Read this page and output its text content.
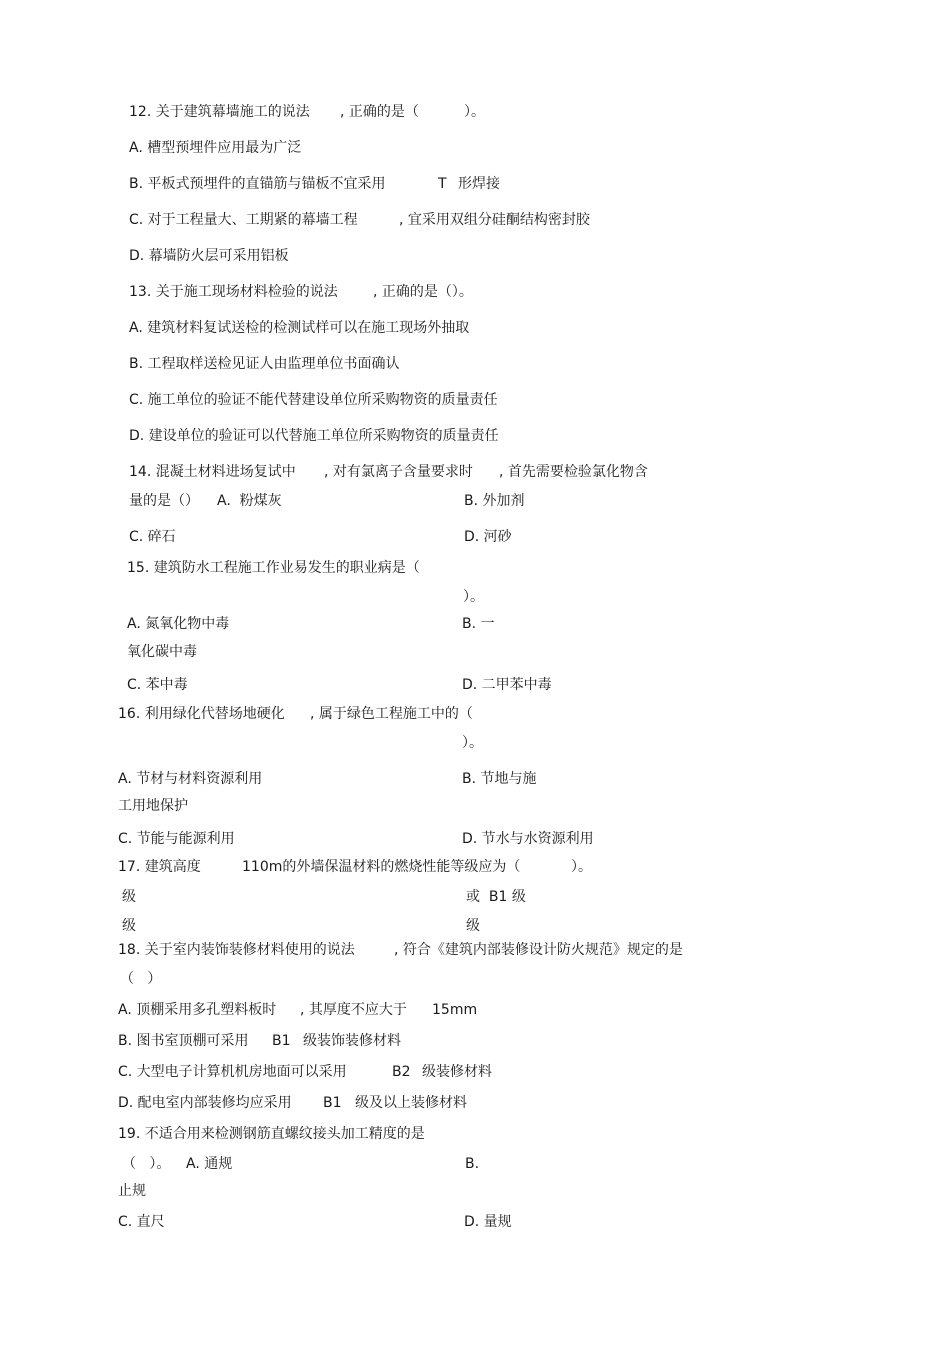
12. 关于建筑幕墙施工的说法 , 正确的是（	）。
A. 槽型预埋件应用最为广泛
B. 平板式预埋件的直锚筋与锚板不宜采用	T 形焊接
C. 对于工程量大、工期紧的幕墙工程	, 宜采用双组分硅酮结构密封胶
D. 幕墙防火层可采用铝板
13. 关于施工现场材料检验的说法	, 正确的是（）。
A. 建筑材料复试送检的检测试样可以在施工现场外抽取
B. 工程取样送检见证人由监理单位书面确认
C. 施工单位的验证不能代替建设单位所采购物资的质量责任
D. 建设单位的验证可以代替施工单位所采购物资的质量责任
14. 混凝土材料进场复试中 , 对有氯离子含量要求时 , 首先需要检验氯化物含
量的是（） A.  粉煤灰	B. 外加剂
C. 碎石	D. 河砂
15. 建筑防水工程施工作业易发生的职业病是（
）。
A. 氮氧化物中毒	B. 一
氧化碳中毒
C. 苯中毒	D. 二甲苯中毒
16. 利用绿化代替场地硬化 , 属于绿色工程施工中的（
）。
A. 节材与材料资源利用	B. 节地与施
工用地保护
C. 节能与能源利用	D. 节水与水资源利用
17. 建筑高度	110m的外墙保温材料的燃烧性能等级应为（	）。
级	或  B1 级
级	级
18. 关于室内装饰装修材料使用的说法	, 符合《建筑内部装修设计防火规范》规定的是
（   ）
A. 顶棚采用多孔塑料板时 , 其厚度不应大于 15mm
B. 图书室顶棚可采用 B1 级装饰装修材料
C. 大型电子计算机机房地面可以采用	B2 级装修材料
D. 配电室内部装修均应采用 B1 级及以上装修材料
19. 不适合用来检测钢筋直螺纹接头加工精度的是
（   ）。 A. 通规	B.
止规
C. 直尺	D. 量规
